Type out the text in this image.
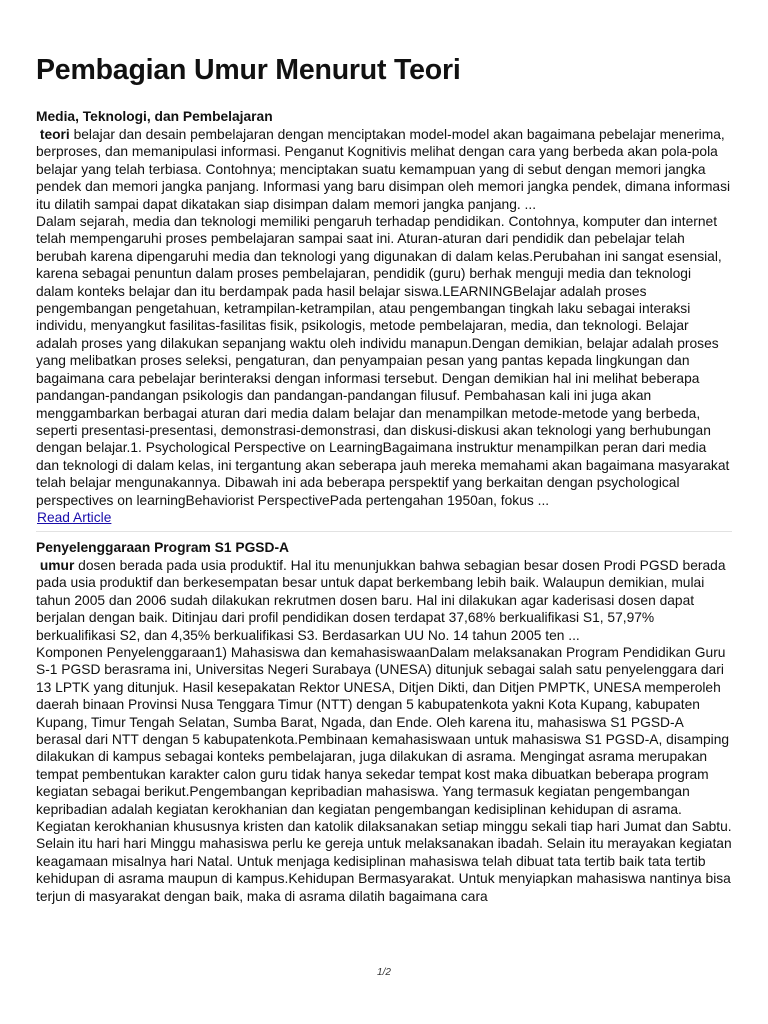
Pembagian Umur Menurut Teori
Media, Teknologi, dan Pembelajaran

teori belajar dan desain pembelajaran dengan menciptakan model-model akan bagaimana pebelajar menerima, berproses, dan memanipulasi informasi. Penganut Kognitivis melihat dengan cara yang berbeda akan pola-pola belajar yang telah terbiasa. Contohnya; menciptakan suatu kemampuan yang di sebut dengan memori jangka pendek dan memori jangka panjang. Informasi yang baru disimpan oleh memori jangka pendek, dimana informasi itu dilatih sampai dapat dikatakan siap disimpan dalam memori jangka panjang. ...

Dalam sejarah, media dan teknologi memiliki pengaruh terhadap pendidikan. Contohnya, komputer dan internet telah mempengaruhi proses pembelajaran sampai saat ini. Aturan-aturan dari pendidik dan pebelajar telah berubah karena dipengaruhi media dan teknologi yang digunakan di dalam kelas.Perubahan ini sangat esensial, karena sebagai penuntun dalam proses pembelajaran, pendidik (guru) berhak menguji media dan teknologi dalam konteks belajar dan itu berdampak pada hasil belajar siswa.LEARNINGBelajar adalah proses pengembangan pengetahuan, ketrampilan-ketrampilan, atau pengembangan tingkah laku sebagai interaksi individu, menyangkut fasilitas-fasilitas fisik, psikologis, metode pembelajaran, media, dan teknologi. Belajar adalah proses yang dilakukan sepanjang waktu oleh individu manapun.Dengan demikian, belajar adalah proses yang melibatkan proses seleksi, pengaturan, dan penyampaian pesan yang pantas kepada lingkungan dan bagaimana cara pebelajar berinteraksi dengan informasi tersebut. Dengan demikian hal ini melihat beberapa pandangan-pandangan psikologis dan pandangan-pandangan filusuf. Pembahasan kali ini juga akan menggambarkan berbagai aturan dari media dalam belajar dan menampilkan metode-metode yang berbeda, seperti presentasi-presentasi, demonstrasi-demonstrasi, dan diskusi-diskusi akan teknologi yang berhubungan dengan belajar.1. Psychological Perspective on LearningBagaimana instruktur menampilkan peran dari media dan teknologi di dalam kelas, ini tergantung akan seberapa jauh mereka memahami akan bagaimana masyarakat telah belajar mengunakannya. Dibawah ini ada beberapa perspektif yang berkaitan dengan psychological perspectives on learningBehaviorist PerspectivePada pertengahan 1950an, fokus ...

Read Article
Penyelenggaraan Program S1 PGSD-A

umur dosen berada pada usia produktif. Hal itu menunjukkan bahwa sebagian besar dosen Prodi PGSD berada pada usia produktif dan berkesempatan besar untuk dapat berkembang lebih baik. Walaupun demikian, mulai tahun 2005 dan 2006 sudah dilakukan rekrutmen dosen baru. Hal ini dilakukan agar kaderisasi dosen dapat berjalan dengan baik. Ditinjau dari profil pendidikan dosen terdapat 37,68% berkualifikasi S1, 57,97% berkualifikasi S2, dan 4,35% berkualifikasi S3. Berdasarkan UU No. 14 tahun 2005 ten ...

Komponen Penyelenggaraan1) Mahasiswa dan kemahasiswaanDalam melaksanakan Program Pendidikan Guru S-1 PGSD berasrama ini, Universitas Negeri Surabaya (UNESA) ditunjuk sebagai salah satu penyelenggara dari 13 LPTK yang ditunjuk. Hasil kesepakatan Rektor UNESA, Ditjen Dikti, dan Ditjen PMPTK, UNESA memperoleh daerah binaan Provinsi Nusa Tenggara Timur (NTT) dengan 5 kabupatenkota yakni Kota Kupang, kabupaten Kupang, Timur Tengah Selatan, Sumba Barat, Ngada, dan Ende. Oleh karena itu, mahasiswa S1 PGSD-A berasal dari NTT dengan 5 kabupatenkota.Pembinaan kemahasiswaan untuk mahasiswa S1 PGSD-A, disamping dilakukan di kampus sebagai konteks pembelajaran, juga dilakukan di asrama. Mengingat asrama merupakan tempat pembentukan karakter calon guru tidak hanya sekedar tempat kost maka dibuatkan beberapa program kegiatan sebagai berikut.Pengembangan kepribadian mahasiswa. Yang termasuk kegiatan pengembangan kepribadian adalah kegiatan kerokhanian dan kegiatan pengembangan kedisiplinan kehidupan di asrama. Kegiatan kerokhanian khususnya kristen dan katolik dilaksanakan setiap minggu sekali tiap hari Jumat dan Sabtu. Selain itu hari hari Minggu mahasiswa perlu ke gereja untuk melaksanakan ibadah. Selain itu merayakan kegiatan keagamaan misalnya hari Natal. Untuk menjaga kedisiplinan mahasiswa telah dibuat tata tertib baik tata tertib kehidupan di asrama maupun di kampus.Kehidupan Bermasyarakat. Untuk menyiapkan mahasiswa nantinya bisa terjun di masyarakat dengan baik, maka di asrama dilatih bagaimana cara

1/2
